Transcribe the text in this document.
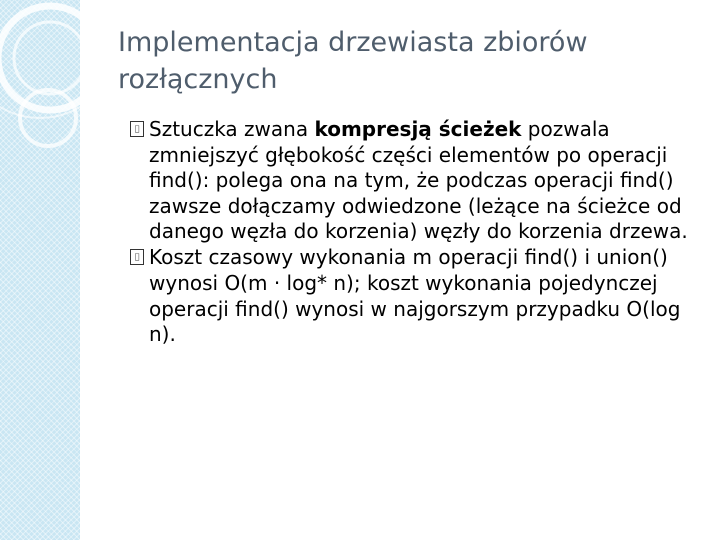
Implementacja drzewiasta zbiorów rozłącznych
Sztuczka zwana kompresją ścieżek pozwala zmniejszyć głębokość części elementów po operacji find(): polega ona na tym, że podczas operacji find() zawsze dołączamy odwiedzone (leżące na ścieżce od danego węzła do korzenia) węzły do korzenia drzewa.
Koszt czasowy wykonania m operacji find() i union() wynosi O(m · log* n); koszt wykonania pojedynczej operacji find() wynosi w najgorszym przypadku O(log n).
